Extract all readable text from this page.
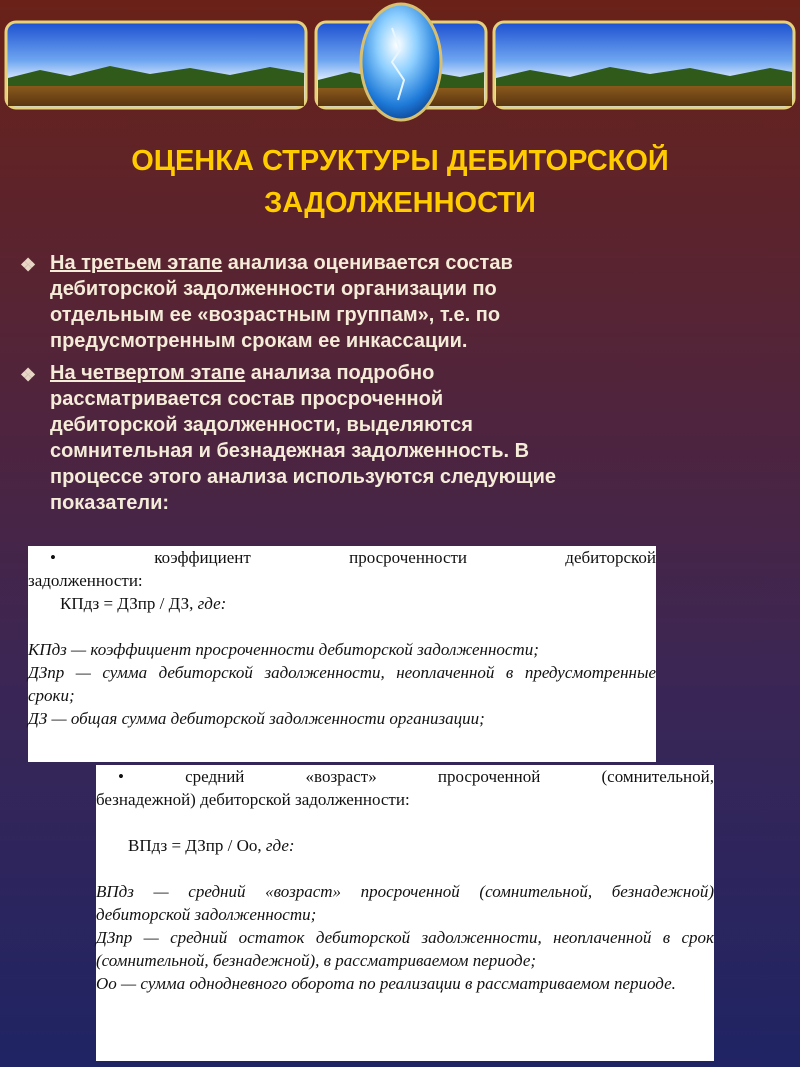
ОЦЕНКА СТРУКТУРЫ ДЕБИТОРСКОЙ
ЗАДОЛЖЕННОСТИ
❖ На третьем этапе анализа оценивается состав дебиторской задолженности организации по отдельным ее «возрастным группам», т.е. по предусмотренным срокам ее инкассации.
❖ На четвертом этапе анализа подробно рассматривается состав просроченной дебиторской задолженности, выделяются сомнительная и безнадежная задолженность. В процессе этого анализа используются следующие показатели:

• коэффициент просроченности дебиторской

задолженности:

КПдз = ДЗпр / ДЗ, где:

КПдз — коэффициент просроченности дебиторской задолженности;

ДЗпр — сумма дебиторской задолженности, неоплаченной в предусмотренные сроки;

ДЗ — общая сумма дебиторской задолженности организации;

• средний «возраст» просроченной (сомнительной,

безнадежной) дебиторской задолженности:

ВПдз = ДЗпр / Оо, где:

ВПдз — средний «возраст» просроченной (сомнительной, безнадежной) дебиторской задолженности;

ДЗпр — средний остаток дебиторской задолженности, неоплаченной в срок (сомнительной, безнадежной), в рассматриваемом периоде;

Оо — сумма однодневного оборота по реализации в рассматриваемом периоде.
